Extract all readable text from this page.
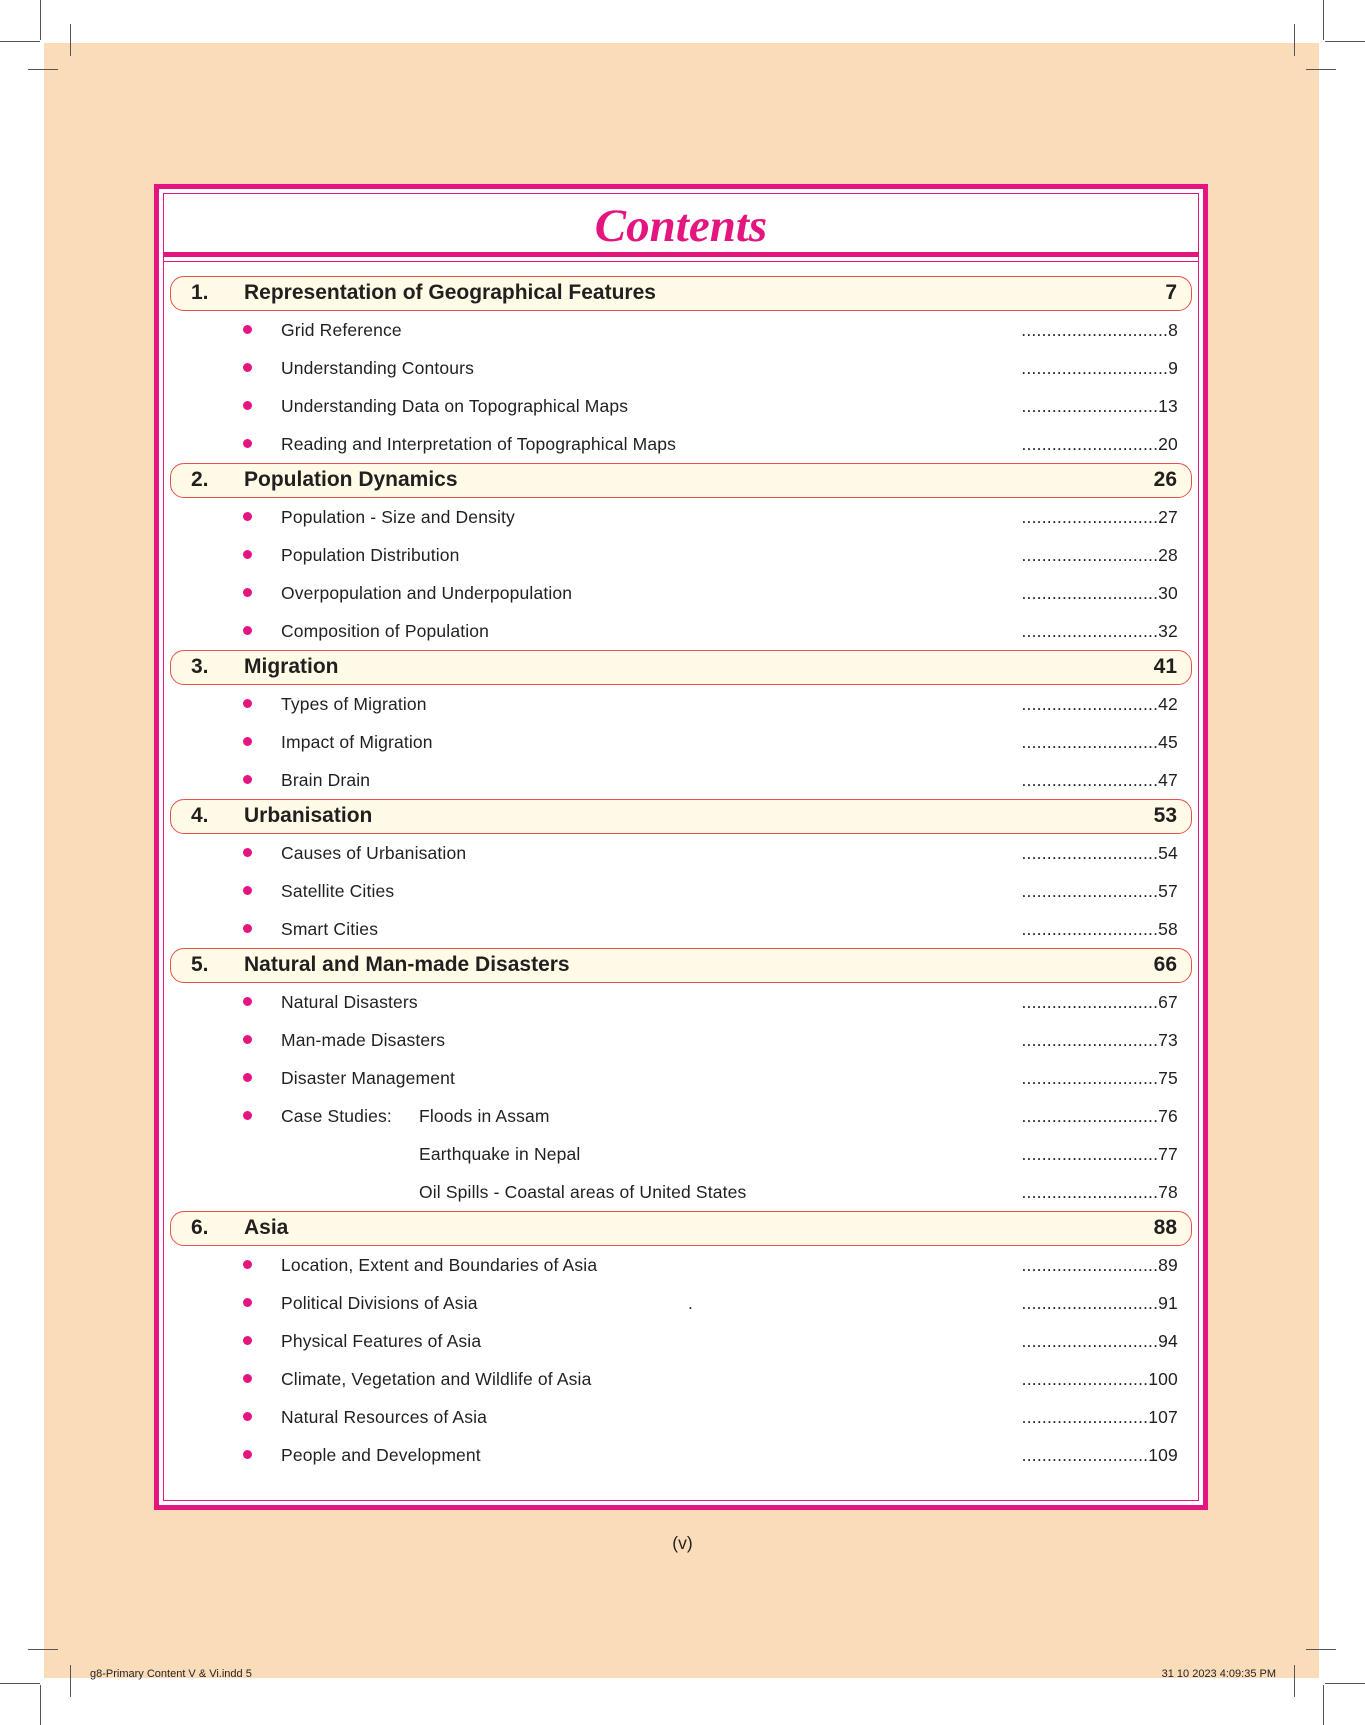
Contents
1. Representation of Geographical Features	7
Grid Reference	.............................8
Understanding Contours	.............................9
Understanding Data on Topographical Maps	...........................13
Reading and Interpretation of Topographical Maps	...........................20
2. Population Dynamics	26
Population - Size and Density	...........................27
Population Distribution	...........................28
Overpopulation and Underpopulation	...........................30
Composition of Population	...........................32
3. Migration	41
Types of Migration	...........................42
Impact of Migration	...........................45
Brain Drain	...........................47
4. Urbanisation	53
Causes of Urbanisation	...........................54
Satellite Cities	...........................57
Smart Cities	...........................58
5. Natural and Man-made Disasters	66
Natural Disasters	...........................67
Man-made Disasters	...........................73
Disaster Management	...........................75
Case Studies: Floods in Assam	...........................76
Earthquake in Nepal	...........................77
Oil Spills - Coastal areas of United States	...........................78
6. Asia	88
Location, Extent and Boundaries of Asia	...........................89
Political Divisions of Asia	.	...........................91
Physical Features of Asia	...........................94
Climate, Vegetation and Wildlife of Asia	.........................100
Natural Resources of Asia	.........................107
People and Development	.........................109
(v)
g8-Primary Content V & Vi.indd 5	31 10 2023 4:09:35 PM
